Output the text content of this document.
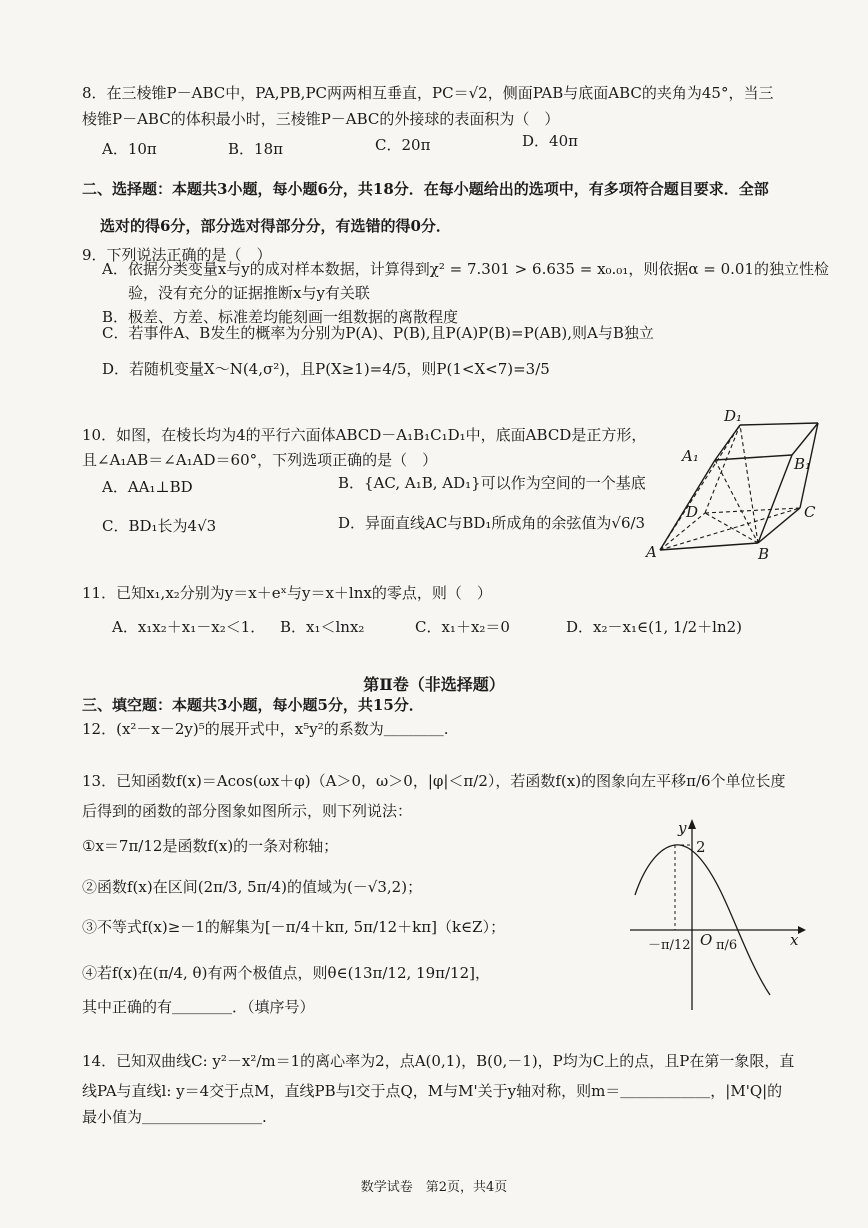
8．在三棱锥P－ABC中，PA,PB,PC两两相互垂直，PC＝√2，侧面PAB与底面ABC的夹角为45°，当三
棱锥P－ABC的体积最小时，三棱锥P－ABC的外接球的表面积为（　）
A．10π	B．18π	C．20π	D．40π
二、选择题：本题共3小题，每小题6分，共18分．在每小题给出的选项中，有多项符合题目要求．全部
选对的得6分，部分选对得部分分，有选错的得0分．
9．下列说法正确的是（　）
A．依据分类变量x与y的成对样本数据，计算得到χ² = 7.301 > 6.635 = x₀.₀₁，则依据α = 0.01的独立性检
验，没有充分的证据推断x与y有关联
B．极差、方差、标准差均能刻画一组数据的离散程度
C．若事件A、B发生的概率为分别为P(A)、P(B),且P(A)P(B)=P(AB),则A与B独立
D．若随机变量X～N(4,σ²)，且P(X≥1)=4/5，则P(1<X<7)=3/5
10．如图，在棱长均为4的平行六面体ABCD－A₁B₁C₁D₁中，底面ABCD是正方形，
且∠A₁AB＝∠A₁AD＝60°，下列选项正确的是（　）
A．AA₁⊥BD	B．{AC, A₁B, AD₁}可以作为空间的一个基底
C．BD₁长为4√3	D．异面直线AC与BD₁所成角的余弦值为√6/3
D₁
A₁	B₁
D	C
A	B
11．已知x₁,x₂分别为y＝x＋eˣ与y＝x＋lnx的零点，则（　）
A．x₁x₂＋x₁－x₂＜1． B．x₁＜lnx₂	C．x₁＋x₂＝0	D．x₂－x₁∈(1, 1/2＋ln2)
第Ⅱ卷（非选择题）
三、填空题：本题共3小题，每小题5分，共15分．
12．(x²－x－2y)⁵的展开式中，x⁵y²的系数为＿＿＿＿.
13．已知函数f(x)＝Acos(ωx＋φ)（A＞0，ω＞0，|φ|＜π/2），若函数f(x)的图象向左平移π/6个单位长度
后得到的函数的部分图象如图所示，则下列说法：
①x＝7π/12是函数f(x)的一条对称轴；
②函数f(x)在区间(2π/3, 5π/4)的值域为(－√3,2)；
③不等式f(x)≥－1的解集为[－π/4＋kπ, 5π/12＋kπ]（k∈Z）；
④若f(x)在(π/4, θ)有两个极值点，则θ∈(13π/12, 19π/12]，
其中正确的有＿＿＿＿．（填序号）
y
x
O
2
－π/12 π/6
14．已知双曲线C: y²－x²/m＝1的离心率为2，点A(0,1)，B(0,－1)，P均为C上的点，且P在第一象限，直
线PA与直线l: y＝4交于点M，直线PB与l交于点Q，M与M'关于y轴对称，则m＝＿＿＿＿＿＿，|M'Q|的
最小值为＿＿＿＿＿＿＿＿.
数学试卷　第2页，共4页
